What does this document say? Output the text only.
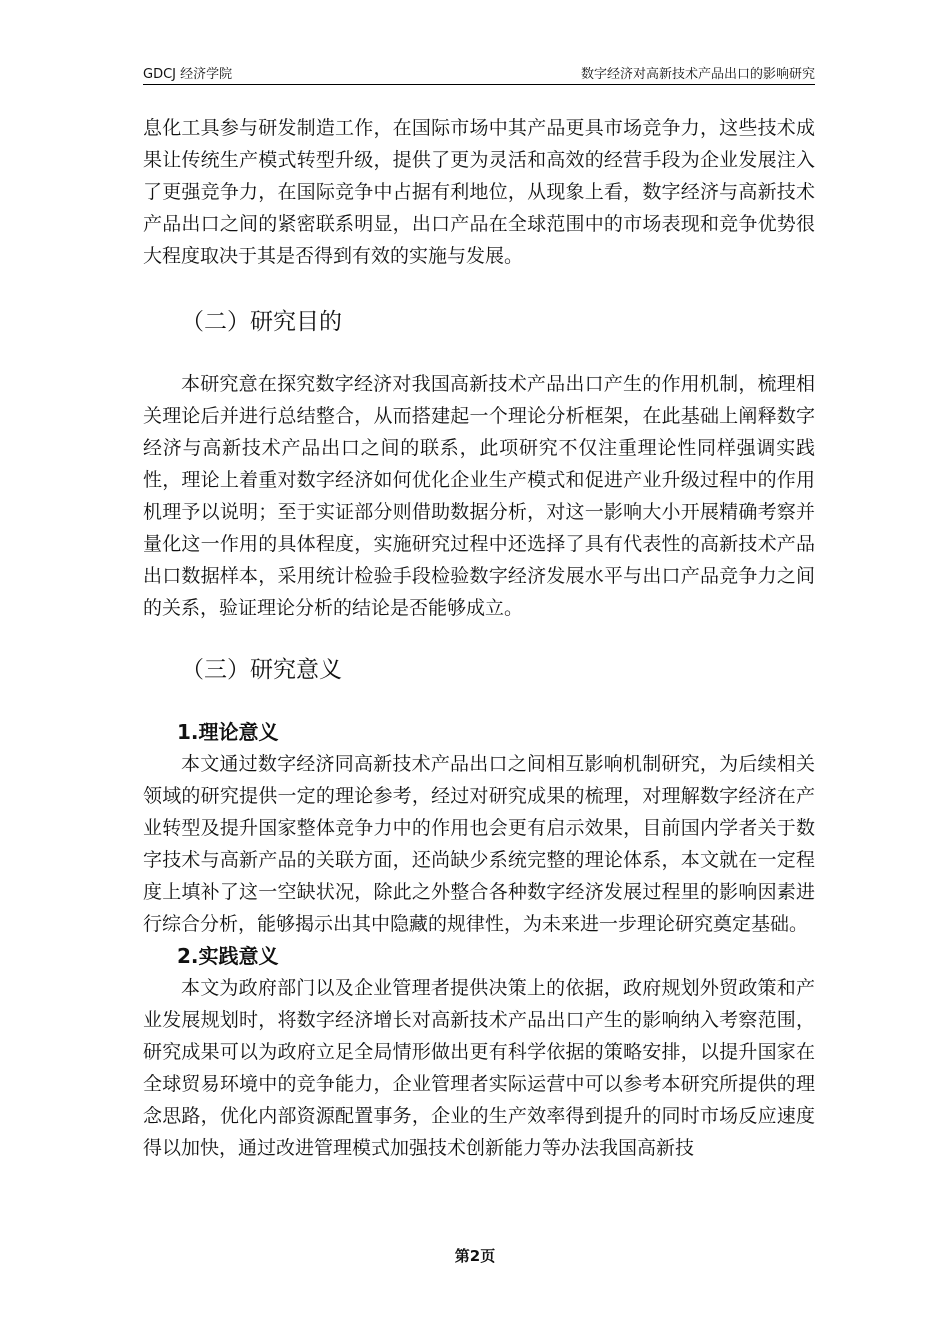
GDCJ 经济学院	数字经济对高新技术产品出口的影响研究

息化工具参与研发制造工作，在国际市场中其产品更具市场竞争力，这些技术成果让传统生产模式转型升级，提供了更为灵活和高效的经营手段为企业发展注入了更强竞争力，在国际竞争中占据有利地位，从现象上看，数字经济与高新技术产品出口之间的紧密联系明显，出口产品在全球范围中的市场表现和竞争优势很大程度取决于其是否得到有效的实施与发展。

（二）研究目的

本研究意在探究数字经济对我国高新技术产品出口产生的作用机制，梳理相关理论后并进行总结整合，从而搭建起一个理论分析框架，在此基础上阐释数字经济与高新技术产品出口之间的联系，此项研究不仅注重理论性同样强调实践性，理论上着重对数字经济如何优化企业生产模式和促进产业升级过程中的作用机理予以说明；至于实证部分则借助数据分析，对这一影响大小开展精确考察并量化这一作用的具体程度，实施研究过程中还选择了具有代表性的高新技术产品出口数据样本，采用统计检验手段检验数字经济发展水平与出口产品竞争力之间的关系，验证理论分析的结论是否能够成立。

（三）研究意义
1.理论意义

本文通过数字经济同高新技术产品出口之间相互影响机制研究，为后续相关领域的研究提供一定的理论参考，经过对研究成果的梳理，对理解数字经济在产业转型及提升国家整体竞争力中的作用也会更有启示效果，目前国内学者关于数字技术与高新产品的关联方面，还尚缺少系统完整的理论体系，本文就在一定程度上填补了这一空缺状况，除此之外整合各种数字经济发展过程里的影响因素进行综合分析，能够揭示出其中隐藏的规律性，为未来进一步理论研究奠定基础。

2.实践意义

本文为政府部门以及企业管理者提供决策上的依据，政府规划外贸政策和产业发展规划时，将数字经济增长对高新技术产品出口产生的影响纳入考察范围，研究成果可以为政府立足全局情形做出更有科学依据的策略安排，以提升国家在全球贸易环境中的竞争能力，企业管理者实际运营中可以参考本研究所提供的理念思路，优化内部资源配置事务，企业的生产效率得到提升的同时市场反应速度得以加快，通过改进管理模式加强技术创新能力等办法我国高新技

第2页
